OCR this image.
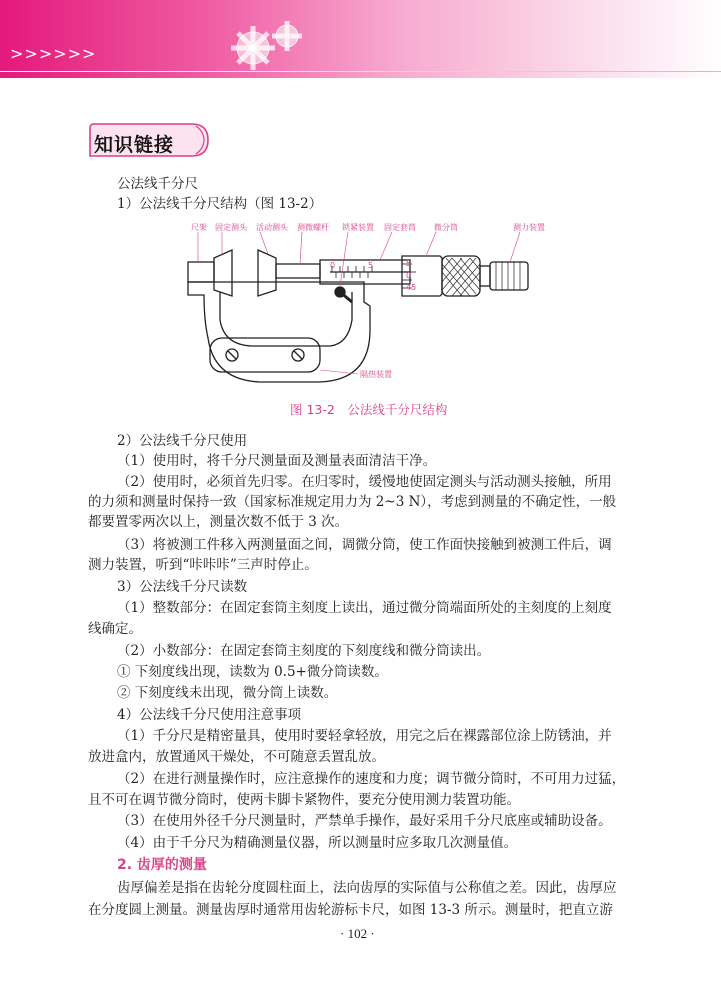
>>>>>>
知识链接
公法线千分尺
1）公法线千分尺结构（图 13-2）
0	5	5
0
45
尺架 固定测头 活动测头 测微螺杆 锁紧装置 固定套筒 微分筒	测力装置
隔热装置
图 13-2　公法线千分尺结构
2）公法线千分尺使用
（1）使用时，将千分尺测量面及测量表面清洁干净。
（2）使用时，必须首先归零。在归零时，缓慢地使固定测头与活动测头接触，所用
的力须和测量时保持一致（国家标准规定用力为 2~3 N），考虑到测量的不确定性，一般
都要置零两次以上，测量次数不低于 3 次。
（3）将被测工件移入两测量面之间，调微分筒，使工作面快接触到被测工件后，调
测力装置，听到“咔咔咔”三声时停止。
3）公法线千分尺读数
（1）整数部分：在固定套筒主刻度上读出，通过微分筒端面所处的主刻度的上刻度
线确定。
（2）小数部分：在固定套筒主刻度的下刻度线和微分筒读出。
① 下刻度线出现，读数为 0.5+微分筒读数。
② 下刻度线未出现，微分筒上读数。
4）公法线千分尺使用注意事项
（1）千分尺是精密量具，使用时要轻拿轻放，用完之后在裸露部位涂上防锈油，并
放进盒内，放置通风干燥处，不可随意丢置乱放。
（2）在进行测量操作时，应注意操作的速度和力度；调节微分筒时，不可用力过猛，
且不可在调节微分筒时，使两卡脚卡紧物件，要充分使用测力装置功能。
（3）在使用外径千分尺测量时，严禁单手操作，最好采用千分尺底座或辅助设备。
（4）由于千分尺为精确测量仪器，所以测量时应多取几次测量值。
2. 齿厚的测量
齿厚偏差是指在齿轮分度圆柱面上，法向齿厚的实际值与公称值之差。因此，齿厚应
在分度圆上测量。测量齿厚时通常用齿轮游标卡尺，如图 13-3 所示。测量时，把直立游
· 102 ·
